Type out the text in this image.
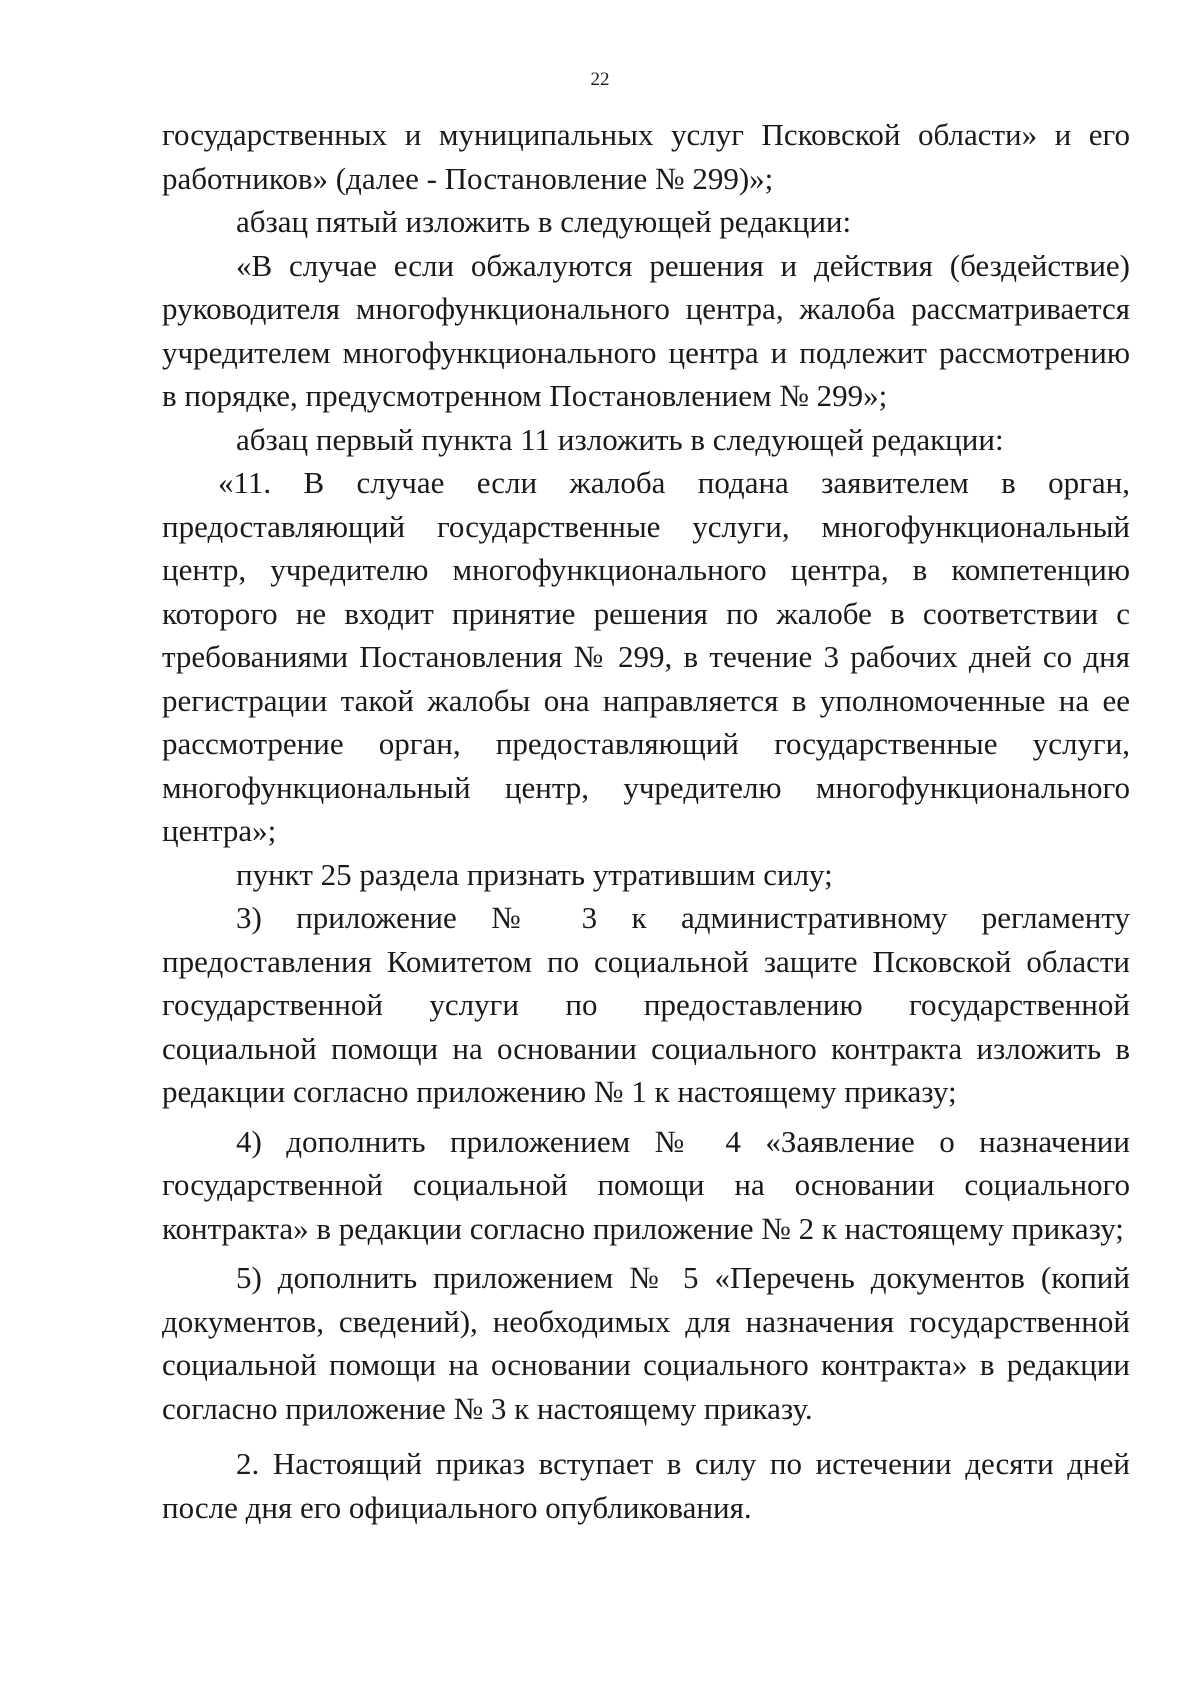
22

государственных и муниципальных услуг Псковской области» и его работников» (далее - Постановление № 299)»;

абзац пятый изложить в следующей редакции:

«В случае если обжалуются решения и действия (бездействие) руководителя многофункционального центра, жалоба рассматривается учредителем многофункционального центра и подлежит рассмотрению в порядке, предусмотренном Постановлением № 299»;

абзац первый пункта 11 изложить в следующей редакции:

«11. В случае если жалоба подана заявителем в орган, предоставляющий государственные услуги, многофункциональный центр, учредителю многофункционального центра, в компетенцию которого не входит принятие решения по жалобе в соответствии с требованиями Постановления № 299, в течение 3 рабочих дней со дня регистрации такой жалобы она направляется в уполномоченные на ее рассмотрение орган, предоставляющий государственные услуги, многофункциональный центр, учредителю многофункционального центра»;

пункт 25 раздела признать утратившим силу;

3) приложение № 3 к административному регламенту предоставления Комитетом по социальной защите Псковской области государственной услуги по предоставлению государственной социальной помощи на основании социального контракта изложить в редакции согласно приложению № 1 к настоящему приказу;

4) дополнить приложением № 4 «Заявление о назначении государственной социальной помощи на основании социального контракта» в редакции согласно приложение № 2 к настоящему приказу;

5) дополнить приложением № 5 «Перечень документов (копий документов, сведений), необходимых для назначения государственной социальной помощи на основании социального контракта» в редакции согласно приложение № 3 к настоящему приказу.

2. Настоящий приказ вступает в силу по истечении десяти дней после дня его официального опубликования.
